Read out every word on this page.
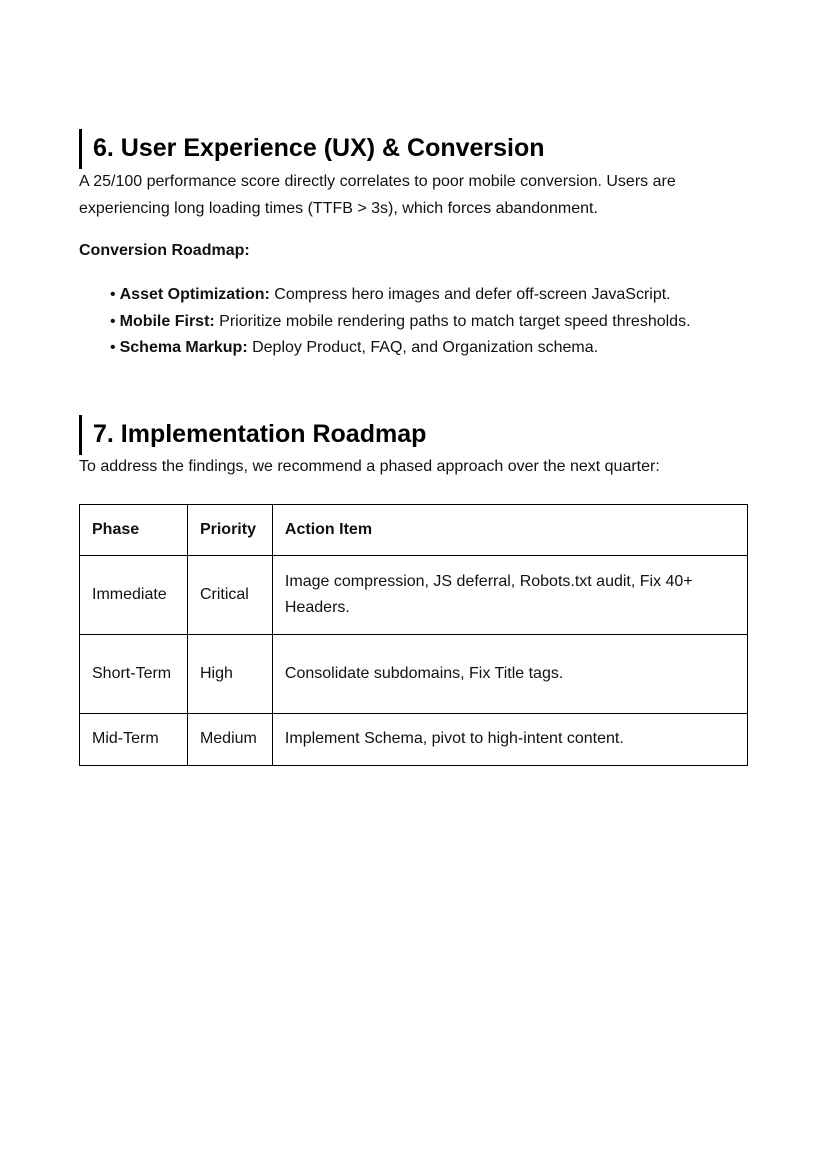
6. User Experience (UX) & Conversion

A 25/100 performance score directly correlates to poor mobile conversion. Users are experiencing long loading times (TTFB > 3s), which forces abandonment.

Conversion Roadmap:

• Asset Optimization: Compress hero images and defer off-screen JavaScript.
• Mobile First: Prioritize mobile rendering paths to match target speed thresholds.
• Schema Markup: Deploy Product, FAQ, and Organization schema.
7. Implementation Roadmap

To address the findings, we recommend a phased approach over the next quarter:

Phase	Priority	Action Item
Immediate	Critical	Image compression, JS deferral, Robots.txt audit, Fix 40+ Headers.
Short-Term	High	Consolidate subdomains, Fix Title tags.
Mid-Term	Medium	Implement Schema, pivot to high-intent content.
